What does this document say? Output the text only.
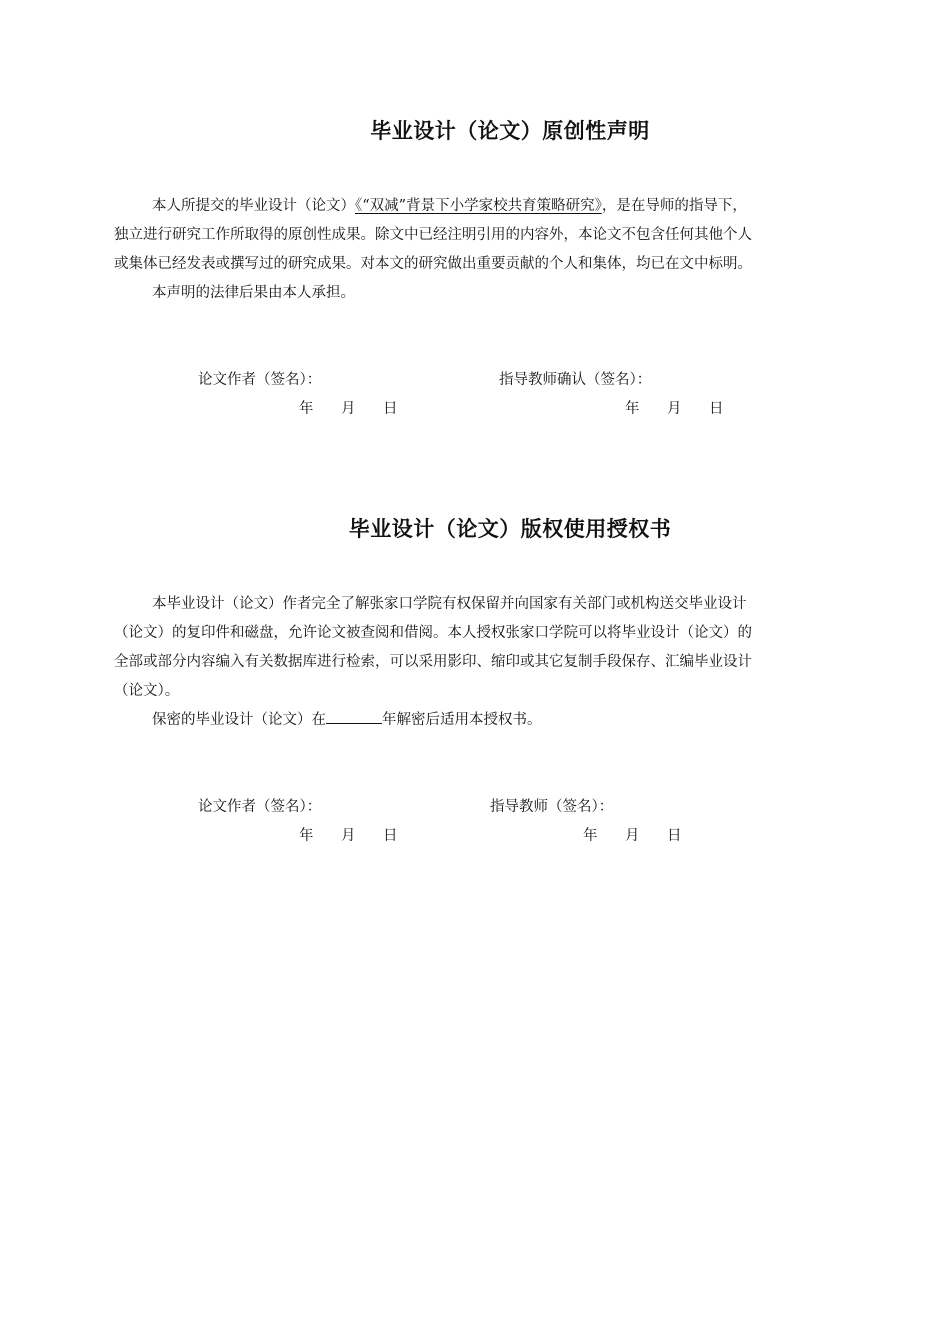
毕业设计（论文）原创性声明
本人所提交的毕业设计（论文）《“双减”背景下小学家校共育策略研究》，是在导师的指导下，
独立进行研究工作所取得的原创性成果。除文中已经注明引用的内容外，本论文不包含任何其他个人
或集体已经发表或撰写过的研究成果。对本文的研究做出重要贡献的个人和集体，均已在文中标明。
本声明的法律后果由本人承担。
论文作者（签名）：	指导教师确认（签名）：
年 月 日	年 月 日
毕业设计（论文）版权使用授权书
本毕业设计（论文）作者完全了解张家口学院有权保留并向国家有关部门或机构送交毕业设计
（论文）的复印件和磁盘，允许论文被查阅和借阅。本人授权张家口学院可以将毕业设计（论文）的
全部或部分内容编入有关数据库进行检索，可以采用影印、缩印或其它复制手段保存、汇编毕业设计
（论文）。
保密的毕业设计（论文）在	年解密后适用本授权书。
论文作者（签名）：	指导教师（签名）：
年 月 日	年 月 日
